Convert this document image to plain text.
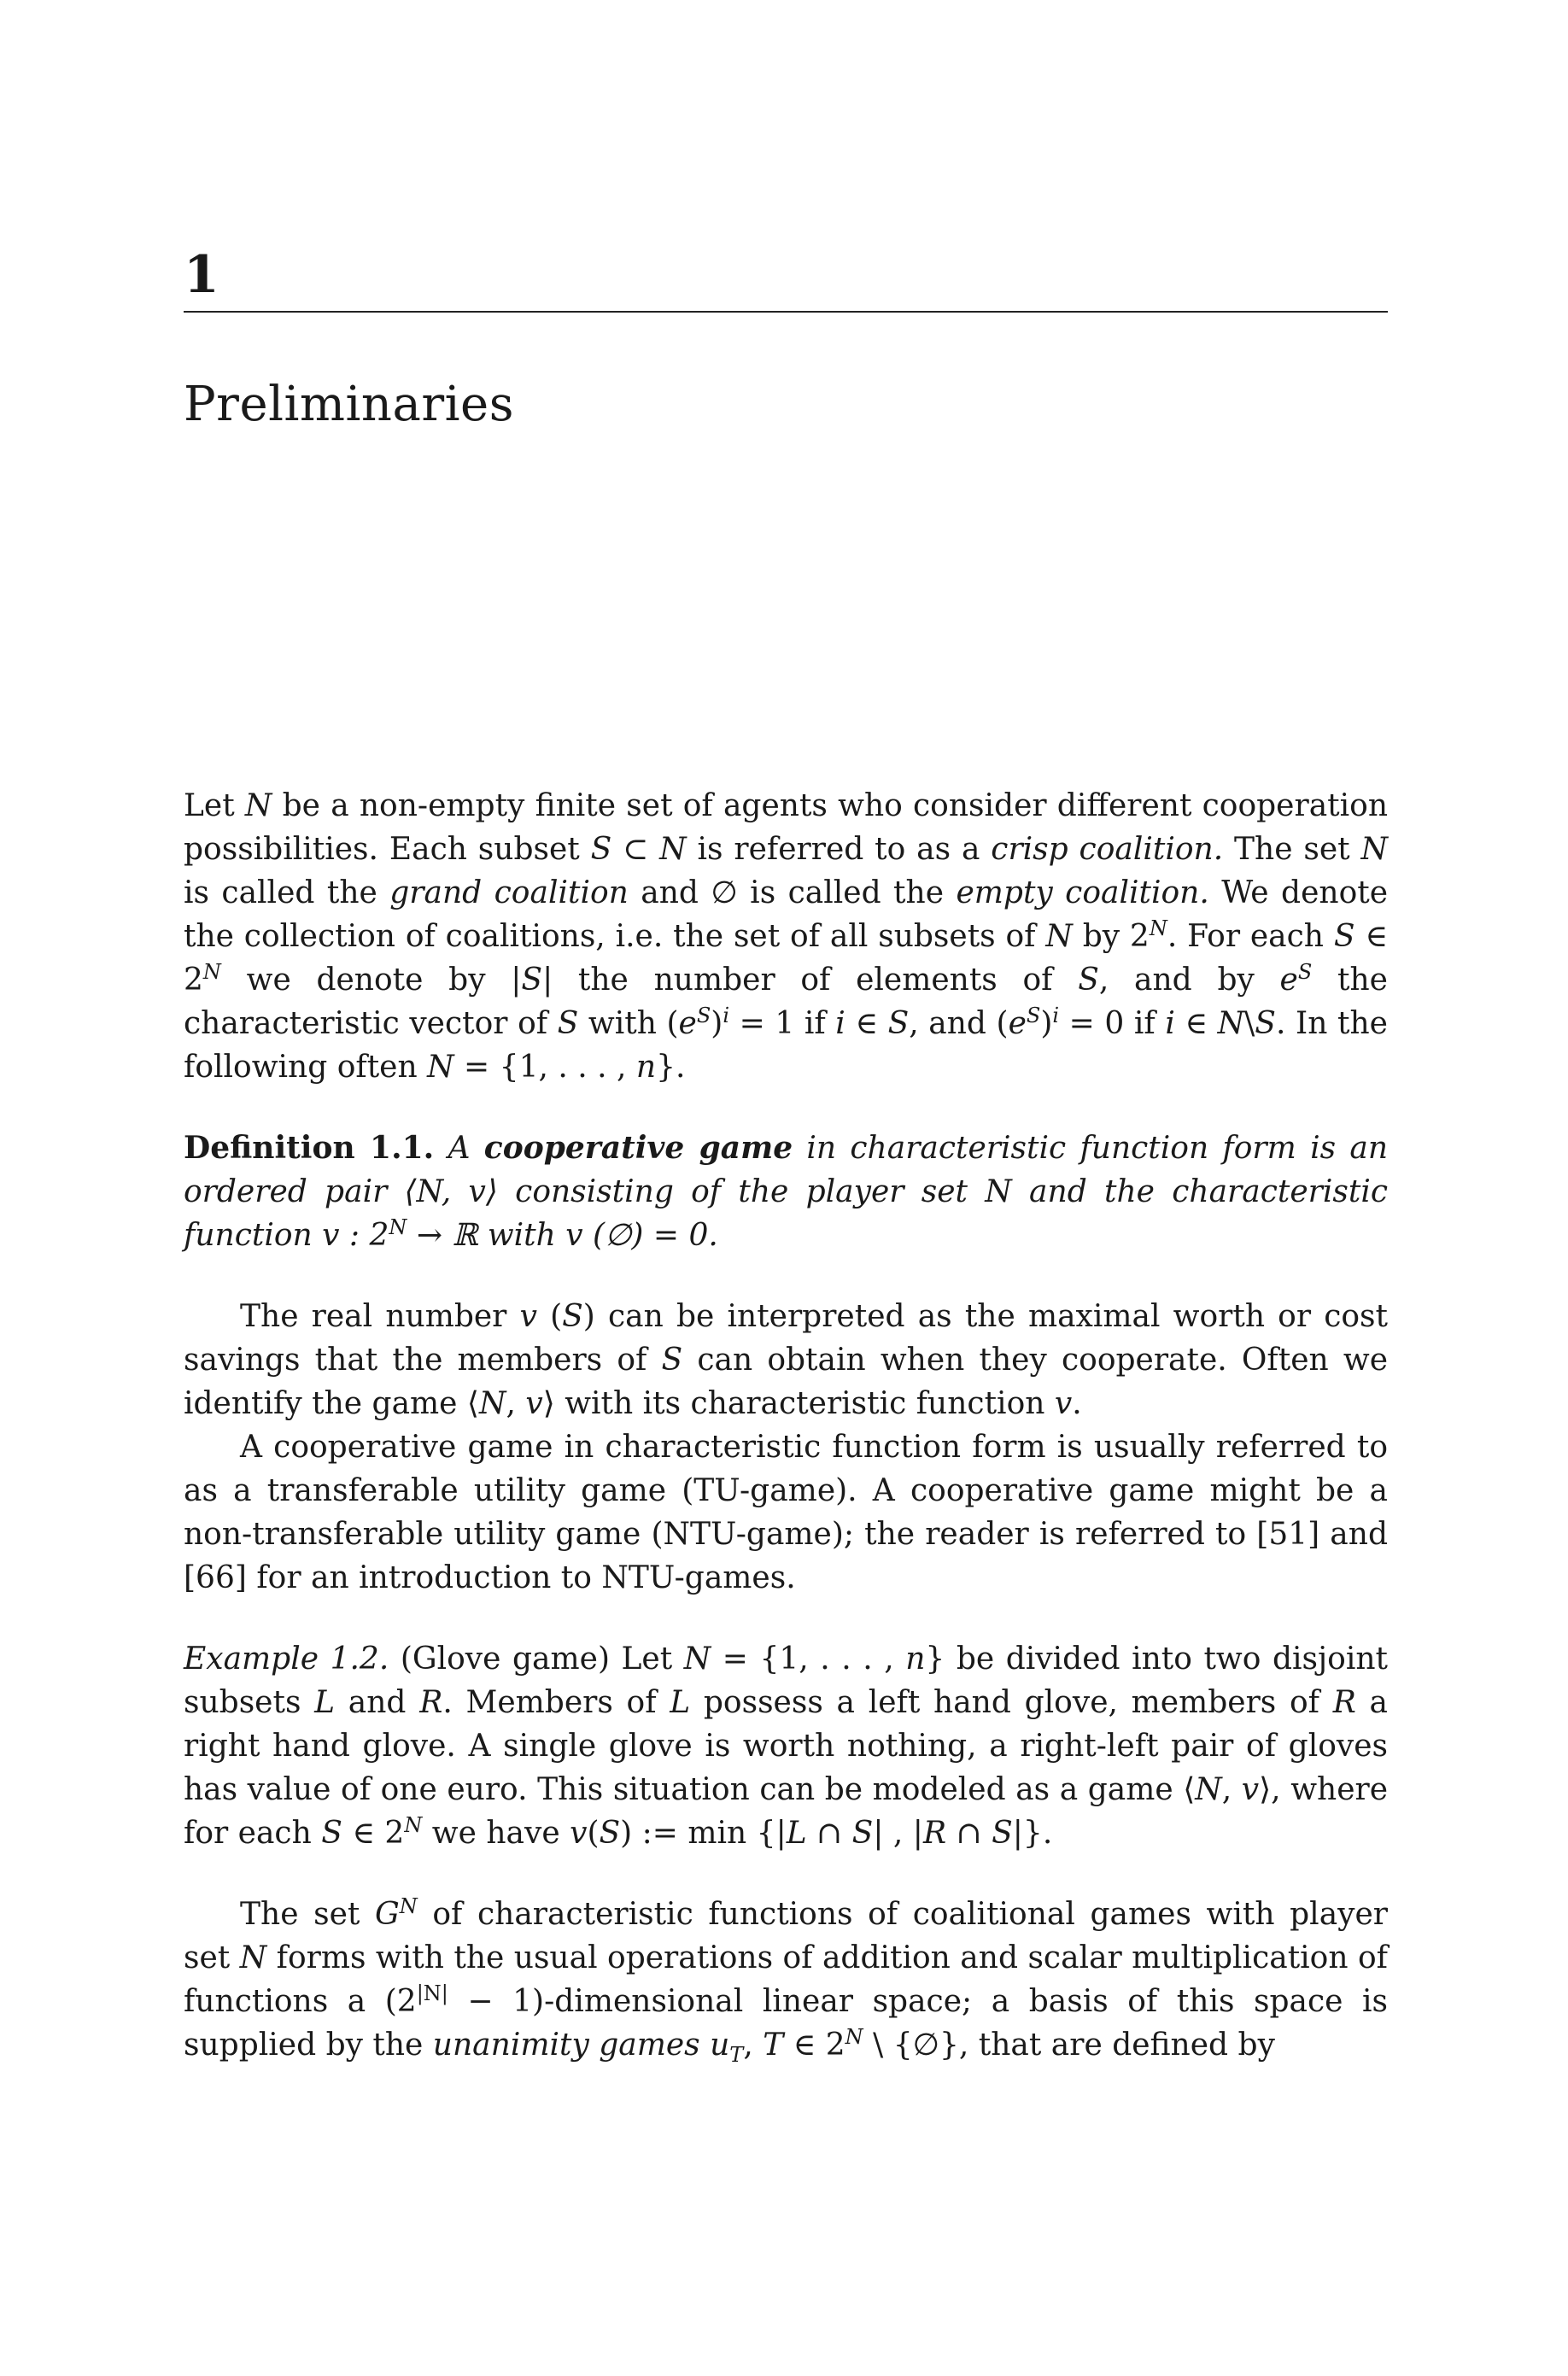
1
Preliminaries

Let N be a non-empty finite set of agents who consider different cooperation possibilities. Each subset S ⊂ N is referred to as a crisp coalition. The set N is called the grand coalition and ∅ is called the empty coalition. We denote the collection of coalitions, i.e. the set of all subsets of N by $2^N$. For each S ∈ $2^N$ we denote by |S| the number of elements of S, and by $e^S$ the characteristic vector of S with $(e^S)^i = 1$ if i ∈ S, and $(e^S)^i = 0$ if i ∈ N\S. In the following often N = {1, . . . , n}.

Definition 1.1. A cooperative game in characteristic function form is an ordered pair ⟨N, v⟩ consisting of the player set N and the characteristic function v : $2^N$ → ℝ with v (∅) = 0.

The real number v (S) can be interpreted as the maximal worth or cost savings that the members of S can obtain when they cooperate. Often we identify the game ⟨N, v⟩ with its characteristic function v.

A cooperative game in characteristic function form is usually referred to as a transferable utility game (TU-game). A cooperative game might be a non-transferable utility game (NTU-game); the reader is referred to [51] and [66] for an introduction to NTU-games.

Example 1.2. (Glove game) Let N = {1, . . . , n} be divided into two disjoint subsets L and R. Members of L possess a left hand glove, members of R a right hand glove. A single glove is worth nothing, a right-left pair of gloves has value of one euro. This situation can be modeled as a game ⟨N, v⟩, where for each S ∈ $2^N$ we have v(S) := min {|L ∩ S| , |R ∩ S|}.

The set $G^N$ of characteristic functions of coalitional games with player set N forms with the usual operations of addition and scalar multiplication of functions a ($2^{|N|}$ − 1)-dimensional linear space; a basis of this space is supplied by the unanimity games $u_T$, T ∈ $2^N$ \ {∅}, that are defined by
